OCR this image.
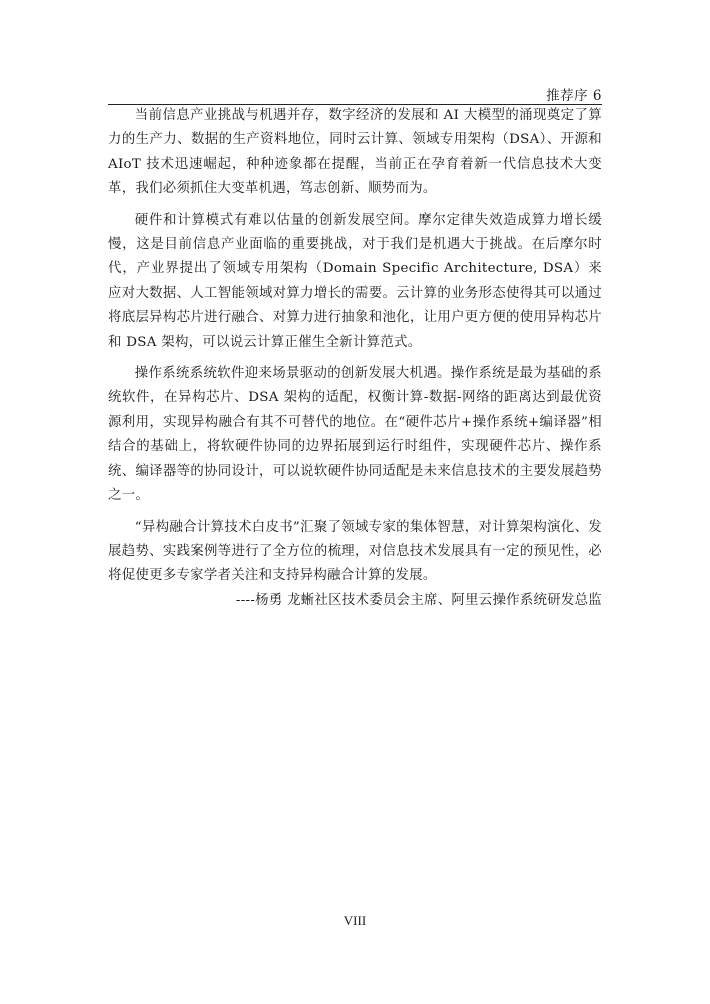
推荐序 6

当前信息产业挑战与机遇并存，数字经济的发展和 AI 大模型的涌现奠定了算力的生产力、数据的生产资料地位，同时云计算、领域专用架构（DSA）、开源和 AIoT 技术迅速崛起，种种迹象都在提醒，当前正在孕育着新一代信息技术大变革，我们必须抓住大变革机遇，笃志创新、顺势而为。

硬件和计算模式有难以估量的创新发展空间。摩尔定律失效造成算力增长缓慢，这是目前信息产业面临的重要挑战，对于我们是机遇大于挑战。在后摩尔时代，产业界提出了领域专用架构（Domain Specific Architecture, DSA）来应对大数据、人工智能领域对算力增长的需要。云计算的业务形态使得其可以通过将底层异构芯片进行融合、对算力进行抽象和池化，让用户更方便的使用异构芯片和 DSA 架构，可以说云计算正催生全新计算范式。

操作系统系统软件迎来场景驱动的创新发展大机遇。操作系统是最为基础的系统软件，在异构芯片、DSA 架构的适配，权衡计算-数据-网络的距离达到最优资源利用，实现异构融合有其不可替代的地位。在“硬件芯片+操作系统+编译器”相结合的基础上，将软硬件协同的边界拓展到运行时组件，实现硬件芯片、操作系统、编译器等的协同设计，可以说软硬件协同适配是未来信息技术的主要发展趋势之一。

“异构融合计算技术白皮书”汇聚了领域专家的集体智慧，对计算架构演化、发展趋势、实践案例等进行了全方位的梳理，对信息技术发展具有一定的预见性，必将促使更多专家学者关注和支持异构融合计算的发展。

----杨勇 龙蜥社区技术委员会主席、阿里云操作系统研发总监

VIII
